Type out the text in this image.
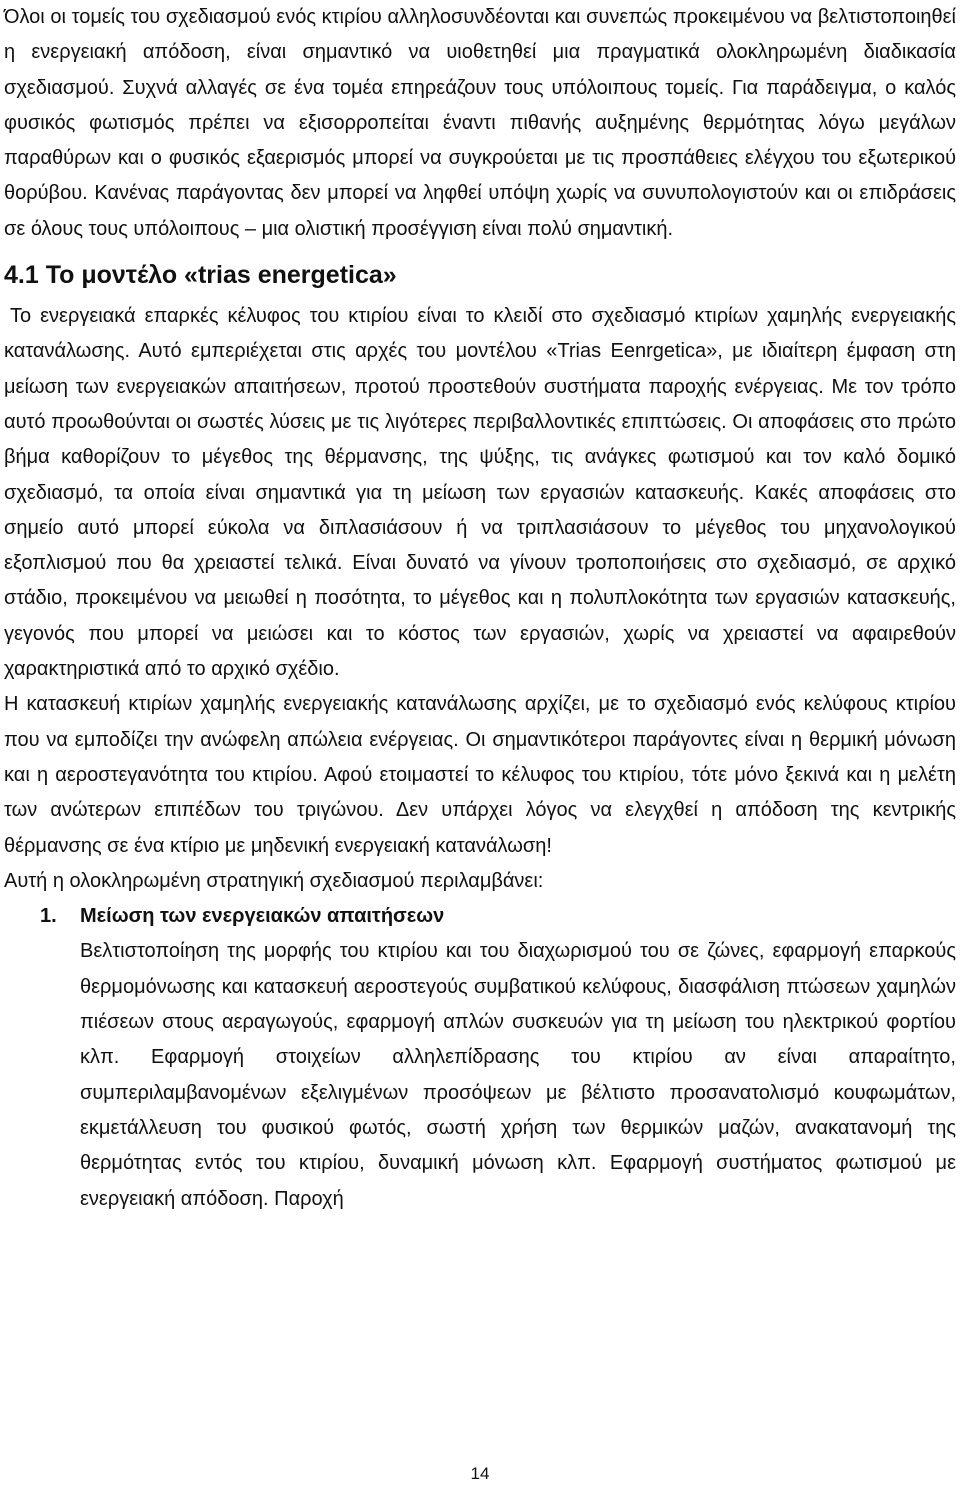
Όλοι οι τομείς του σχεδιασμού ενός κτιρίου αλληλοσυνδέονται και συνεπώς προκειμένου να βελτιστοποιηθεί η ενεργειακή απόδοση, είναι σημαντικό να υιοθετηθεί μια πραγματικά ολοκληρωμένη διαδικασία σχεδιασμού. Συχνά αλλαγές σε ένα τομέα επηρεάζουν τους υπόλοιπους τομείς. Για παράδειγμα, ο καλός φυσικός φωτισμός πρέπει να εξισορροπείται έναντι πιθανής αυξημένης θερμότητας λόγω μεγάλων παραθύρων και ο φυσικός εξαερισμός μπορεί να συγκρούεται με τις προσπάθειες ελέγχου του εξωτερικού θορύβου. Κανένας παράγοντας δεν μπορεί να ληφθεί υπόψη χωρίς να συνυπολογιστούν και οι επιδράσεις σε όλους τους υπόλοιπους – μια ολιστική προσέγγιση είναι πολύ σημαντική.

4.1 Το μοντέλο «trias energetica»

Το ενεργειακά επαρκές κέλυφος του κτιρίου είναι το κλειδί στο σχεδιασμό κτιρίων χαμηλής ενεργειακής κατανάλωσης. Αυτό εμπεριέχεται στις αρχές του μοντέλου «Trias Eenrgetica», με ιδιαίτερη έμφαση στη μείωση των ενεργειακών απαιτήσεων, προτού προστεθούν συστήματα παροχής ενέργειας. Με τον τρόπο αυτό προωθούνται οι σωστές λύσεις με τις λιγότερες περιβαλλοντικές επιπτώσεις. Οι αποφάσεις στο πρώτο βήμα καθορίζουν το μέγεθος της θέρμανσης, της ψύξης, τις ανάγκες φωτισμού και τον καλό δομικό σχεδιασμό, τα οποία είναι σημαντικά για τη μείωση των εργασιών κατασκευής. Κακές αποφάσεις στο σημείο αυτό μπορεί εύκολα να διπλασιάσουν ή να τριπλασιάσουν το μέγεθος του μηχανολογικού εξοπλισμού που θα χρειαστεί τελικά. Είναι δυνατό να γίνουν τροποποιήσεις στο σχεδιασμό, σε αρχικό στάδιο, προκειμένου να μειωθεί η ποσότητα, το μέγεθος και η πολυπλοκότητα των εργασιών κατασκευής, γεγονός που μπορεί να μειώσει και το κόστος των εργασιών, χωρίς να χρειαστεί να αφαιρεθούν χαρακτηριστικά από το αρχικό σχέδιο.

Η κατασκευή κτιρίων χαμηλής ενεργειακής κατανάλωσης αρχίζει, με το σχεδιασμό ενός κελύφους κτιρίου που να εμποδίζει την ανώφελη απώλεια ενέργειας. Οι σημαντικότεροι παράγοντες είναι η θερμική μόνωση και η αεροστεγανότητα του κτιρίου. Αφού ετοιμαστεί το κέλυφος του κτιρίου, τότε μόνο ξεκινά και η μελέτη των ανώτερων επιπέδων του τριγώνου. Δεν υπάρχει λόγος να ελεγχθεί η απόδοση της κεντρικής θέρμανσης σε ένα κτίριο με μηδενική ενεργειακή κατανάλωση!

Αυτή η ολοκληρωμένη στρατηγική σχεδιασμού περιλαμβάνει:

1. Μείωση των ενεργειακών απαιτήσεων
Βελτιστοποίηση της μορφής του κτιρίου και του διαχωρισμού του σε ζώνες, εφαρμογή επαρκούς θερμομόνωσης και κατασκευή αεροστεγούς συμβατικού κελύφους, διασφάλιση πτώσεων χαμηλών πιέσεων στους αεραγωγούς, εφαρμογή απλών συσκευών για τη μείωση του ηλεκτρικού φορτίου κλπ. Εφαρμογή στοιχείων αλληλεπίδρασης του κτιρίου αν είναι απαραίτητο, συμπεριλαμβανομένων εξελιγμένων προσόψεων με βέλτιστο προσανατολισμό κουφωμάτων, εκμετάλλευση του φυσικού φωτός, σωστή χρήση των θερμικών μαζών, ανακατανομή της θερμότητας εντός του κτιρίου, δυναμική μόνωση κλπ. Εφαρμογή συστήματος φωτισμού με ενεργειακή απόδοση. Παροχή
14
